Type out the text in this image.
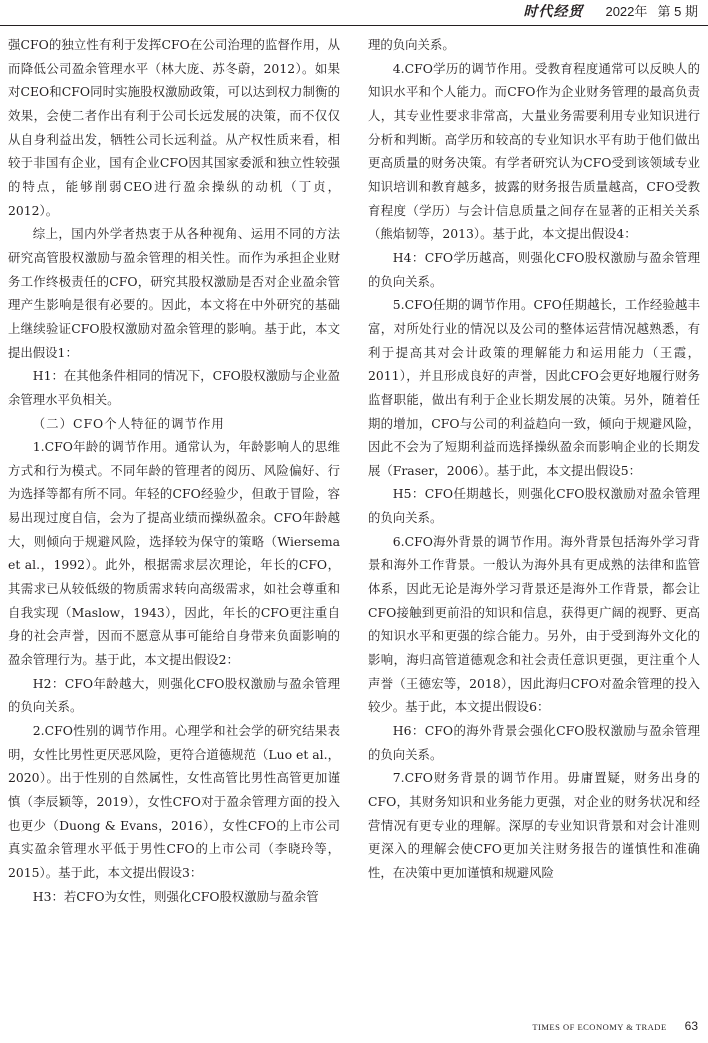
时代经贸 2022年 第 5 期

强CFO的独立性有利于发挥CFO在公司治理的监督作用，从而降低公司盈余管理水平（林大庞、苏冬蔚，2012）。如果对CEO和CFO同时实施股权激励政策，可以达到权力制衡的效果，会使二者作出有利于公司长远发展的决策，而不仅仅从自身利益出发，牺牲公司长远利益。从产权性质来看，相较于非国有企业，国有企业CFO因其国家委派和独立性较强的特点，能够削弱CEO进行盈余操纵的动机（丁贞，2012）。

综上，国内外学者热衷于从各种视角、运用不同的方法研究高管股权激励与盈余管理的相关性。而作为承担企业财务工作终极责任的CFO，研究其股权激励是否对企业盈余管理产生影响是很有必要的。因此，本文将在中外研究的基础上继续验证CFO股权激励对盈余管理的影响。基于此，本文提出假设1：

H1：在其他条件相同的情况下，CFO股权激励与企业盈余管理水平负相关。

（二）CFO个人特征的调节作用

1.CFO年龄的调节作用。通常认为，年龄影响人的思维方式和行为模式。不同年龄的管理者的阅历、风险偏好、行为选择等都有所不同。年轻的CFO经验少，但敢于冒险，容易出现过度自信，会为了提高业绩而操纵盈余。CFO年龄越大，则倾向于规避风险，选择较为保守的策略（Wiersema et al.，1992）。此外，根据需求层次理论，年长的CFO，其需求已从较低级的物质需求转向高级需求，如社会尊重和自我实现（Maslow，1943），因此，年长的CFO更注重自身的社会声誉，因而不愿意从事可能给自身带来负面影响的盈余管理行为。基于此，本文提出假设2：

H2：CFO年龄越大，则强化CFO股权激励与盈余管理的负向关系。

2.CFO性别的调节作用。心理学和社会学的研究结果表明，女性比男性更厌恶风险，更符合道德规范（Luo et al.，2020）。出于性别的自然属性，女性高管比男性高管更加谨慎（李辰颖等，2019），女性CFO对于盈余管理方面的投入也更少（Duong & Evans，2016），女性CFO的上市公司真实盈余管理水平低于男性CFO的上市公司（李晓玲等，2015）。基于此，本文提出假设3：

H3：若CFO为女性，则强化CFO股权激励与盈余管

理的负向关系。

4.CFO学历的调节作用。受教育程度通常可以反映人的知识水平和个人能力。而CFO作为企业财务管理的最高负责人，其专业性要求非常高，大量业务需要利用专业知识进行分析和判断。高学历和较高的专业知识水平有助于他们做出更高质量的财务决策。有学者研究认为CFO受到该领域专业知识培训和教育越多，披露的财务报告质量越高，CFO受教育程度（学历）与会计信息质量之间存在显著的正相关关系（熊焰韧等，2013）。基于此，本文提出假设4：

H4：CFO学历越高，则强化CFO股权激励与盈余管理的负向关系。

5.CFO任期的调节作用。CFO任期越长，工作经验越丰富，对所处行业的情况以及公司的整体运营情况越熟悉，有利于提高其对会计政策的理解能力和运用能力（王霞，2011），并且形成良好的声誉，因此CFO会更好地履行财务监督职能，做出有利于企业长期发展的决策。另外，随着任期的增加，CFO与公司的利益趋向一致，倾向于规避风险，因此不会为了短期利益而选择操纵盈余而影响企业的长期发展（Fraser，2006）。基于此，本文提出假设5：

H5：CFO任期越长，则强化CFO股权激励对盈余管理的负向关系。

6.CFO海外背景的调节作用。海外背景包括海外学习背景和海外工作背景。一般认为海外具有更成熟的法律和监管体系，因此无论是海外学习背景还是海外工作背景，都会让CFO接触到更前沿的知识和信息，获得更广阔的视野、更高的知识水平和更强的综合能力。另外，由于受到海外文化的影响，海归高管道德观念和社会责任意识更强，更注重个人声誉（王德宏等，2018），因此海归CFO对盈余管理的投入较少。基于此，本文提出假设6：

H6：CFO的海外背景会强化CFO股权激励与盈余管理的负向关系。

7.CFO财务背景的调节作用。毋庸置疑，财务出身的CFO，其财务知识和业务能力更强，对企业的财务状况和经营情况有更专业的理解。深厚的专业知识背景和对会计准则更深入的理解会使CFO更加关注财务报告的谨慎性和准确性，在决策中更加谨慎和规避风险

TIMES OF ECONOMY & TRADE 63
